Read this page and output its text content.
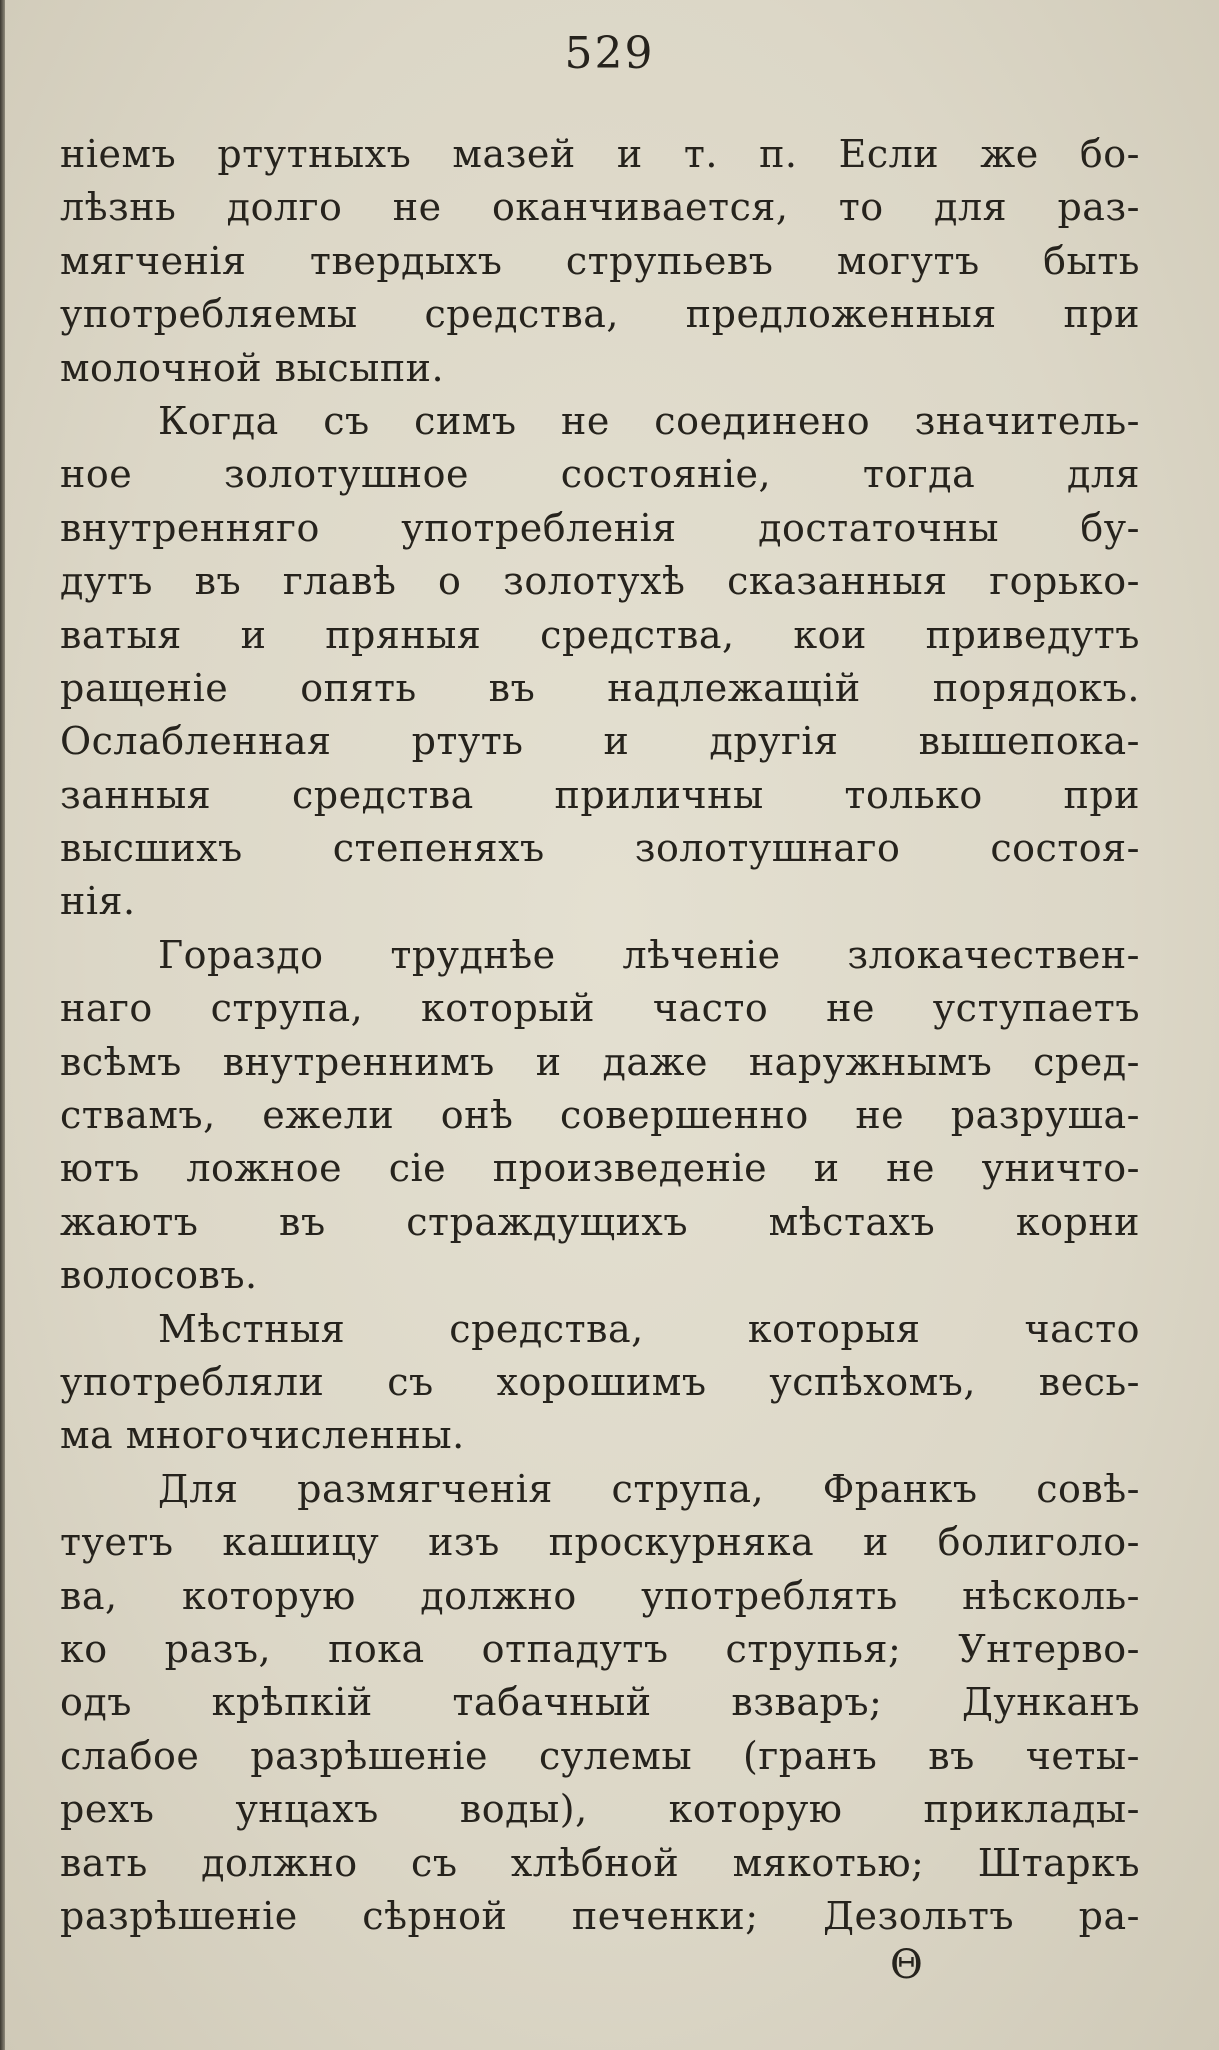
529
нiемъ ртутныхъ мазей и т. п. Если же бо-
лѣзнь долго не оканчивается, то для раз-
мягченiя твердыхъ струпьевъ могутъ быть
употребляемы средства, предложенныя при
молочной высыпи.
Когда съ симъ не соединено значитель-
ное золотушное состоянiе, тогда для
внутренняго употребленiя достаточны бу-
дутъ въ главѣ о золотухѣ сказанныя горько-
ватыя и пряныя средства, кои приведутъ
ращенiе опять въ надлежащiй порядокъ.
Ослабленная ртуть и другiя вышепока-
занныя средства приличны только при
высшихъ степеняхъ золотушнаго состоя-
нiя.
Гораздо труднѣе лѣченiе злокачествен-
наго струпа, который часто не уступаетъ
всѣмъ внутреннимъ и даже наружнымъ сред-
ствамъ, ежели онѣ совершенно не разруша-
ютъ ложное сiе произведенiе и не уничто-
жаютъ въ страждущихъ мѣстахъ корни
волосовъ.
Мѣстныя средства, которыя часто
употребляли съ хорошимъ успѣхомъ, весь-
ма многочисленны.
Для размягченiя струпа, Франкъ совѣ-
туетъ кашицу изъ проскурняка и болиголо-
ва, которую должно употреблять нѣсколь-
ко разъ, пока отпадутъ струпья; Унтерво-
одъ крѣпкiй табачный взваръ; Дунканъ
слабое разрѣшенiе сулемы (гранъ въ четы-
рехъ унцахъ воды), которую приклады-
вать должно съ хлѣбной мякотью; Штаркъ
разрѣшенiе сѣрной печенки; Дезольтъ ра-
Θ
